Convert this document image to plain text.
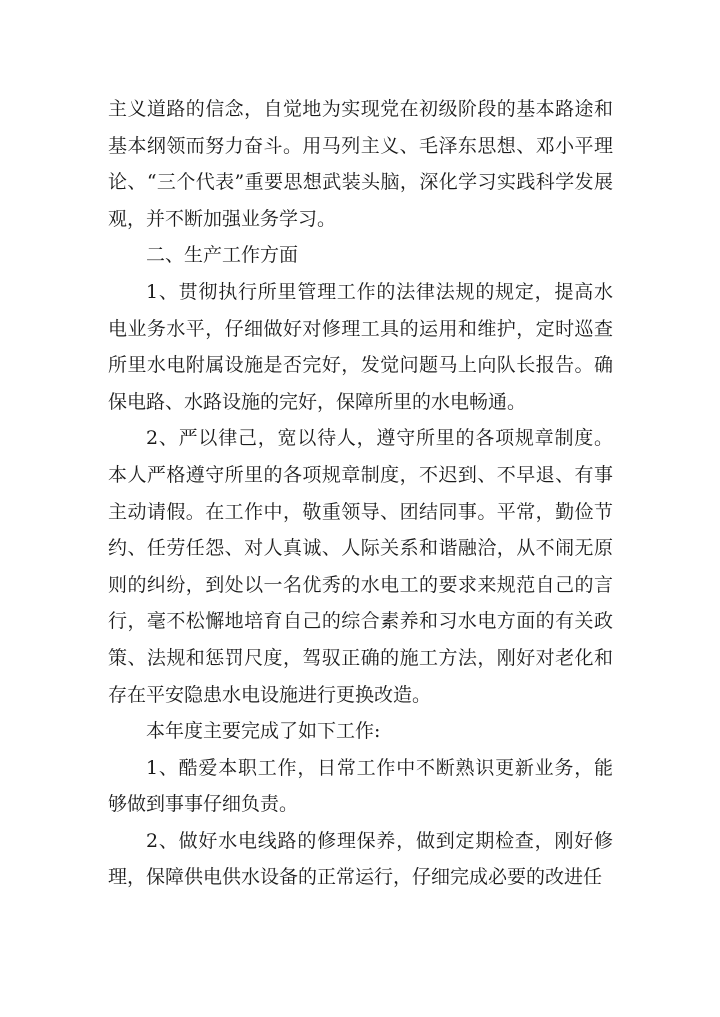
主义道路的信念，自觉地为实现党在初级阶段的基本路途和基本纲领而努力奋斗。用马列主义、毛泽东思想、邓小平理论、“三个代表”重要思想武装头脑，深化学习实践科学发展观，并不断加强业务学习。

二、生产工作方面

1、贯彻执行所里管理工作的法律法规的规定，提高水电业务水平，仔细做好对修理工具的运用和维护，定时巡查所里水电附属设施是否完好，发觉问题马上向队长报告。确保电路、水路设施的完好，保障所里的水电畅通。

2、严以律己，宽以待人，遵守所里的各项规章制度。本人严格遵守所里的各项规章制度，不迟到、不早退、有事主动请假。在工作中，敬重领导、团结同事。平常，勤俭节约、任劳任怨、对人真诚、人际关系和谐融洽，从不闹无原则的纠纷，到处以一名优秀的水电工的要求来规范自己的言行，毫不松懈地培育自己的综合素养和习水电方面的有关政策、法规和惩罚尺度，驾驭正确的施工方法，刚好对老化和存在平安隐患水电设施进行更换改造。

本年度主要完成了如下工作:

1、酷爱本职工作，日常工作中不断熟识更新业务，能够做到事事仔细负责。

2、做好水电线路的修理保养，做到定期检查，刚好修理，保障供电供水设备的正常运行，仔细完成必要的改进任
